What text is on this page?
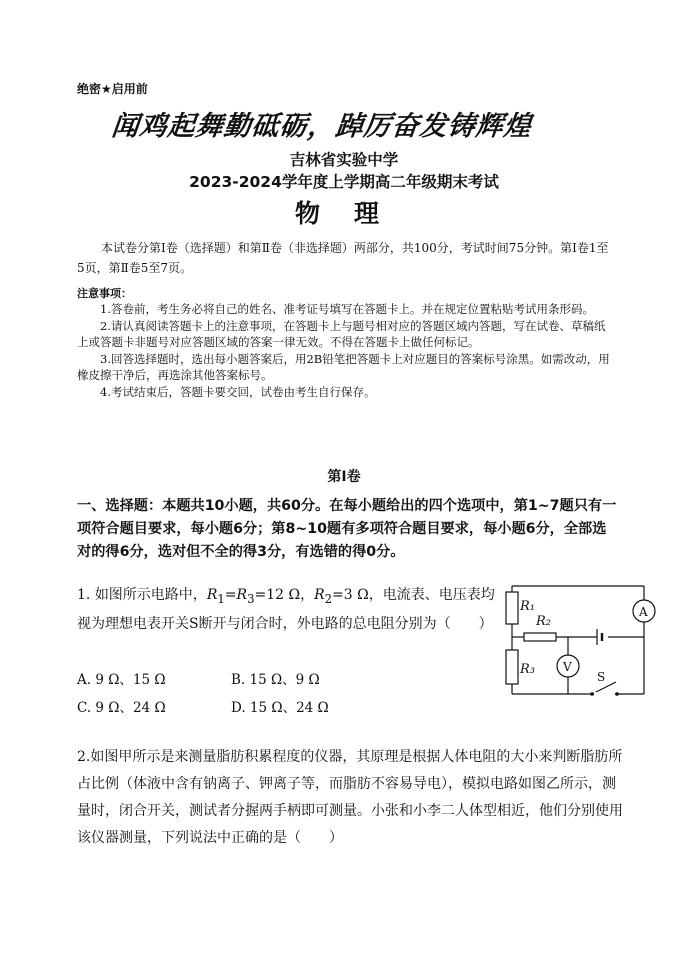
绝密★启用前
闻鸡起舞勤砥砺，踔厉奋发铸辉煌
吉林省实验中学
2023-2024学年度上学期高二年级期末考试
物理
本试卷分第Ⅰ卷（选择题）和第Ⅱ卷（非选择题）两部分，共100分，考试时间75分钟。第Ⅰ卷1至5页，第Ⅱ卷5至7页。
注意事项：

1.答卷前，考生务必将自己的姓名、准考证号填写在答题卡上。并在规定位置粘贴考试用条形码。

2.请认真阅读答题卡上的注意事项，在答题卡上与题号相对应的答题区域内答题，写在试卷、草稿纸上或答题卡非题号对应答题区域的答案一律无效。不得在答题卡上做任何标记。

3.回答选择题时，选出每小题答案后，用2B铅笔把答题卡上对应题目的答案标号涂黑。如需改动，用橡皮擦干净后，再选涂其他答案标号。

4.考试结束后，答题卡要交回，试卷由考生自行保存。

第Ⅰ卷
一、选择题：本题共10小题，共60分。在每小题给出的四个选项中，第1~7题只有一项符合题目要求，每小题6分；第8~10题有多项符合题目要求，每小题6分，全部选对的得6分，选对但不全的得3分，有选错的得0分。
1. 如图所示电路中，$R_1=R_3=12$ Ω，$R_2=3$ Ω，电流表、电压表均视为理想电表开关S断开与闭合时，外电路的总电阻分别为（　　）
A. 9 Ω、15 Ω	B. 15 Ω、9 Ω
C. 9 Ω、24 Ω	D. 15 Ω、24 Ω
R₁
R₂
R₃
A
V
S
2.如图甲所示是来测量脂肪积累程度的仪器，其原理是根据人体电阻的大小来判断脂肪所占比例（体液中含有钠离子、钾离子等，而脂肪不容易导电），模拟电路如图乙所示，测量时，闭合开关，测试者分握两手柄即可测量。小张和小李二人体型相近，他们分别使用该仪器测量，下列说法中正确的是（　　）
